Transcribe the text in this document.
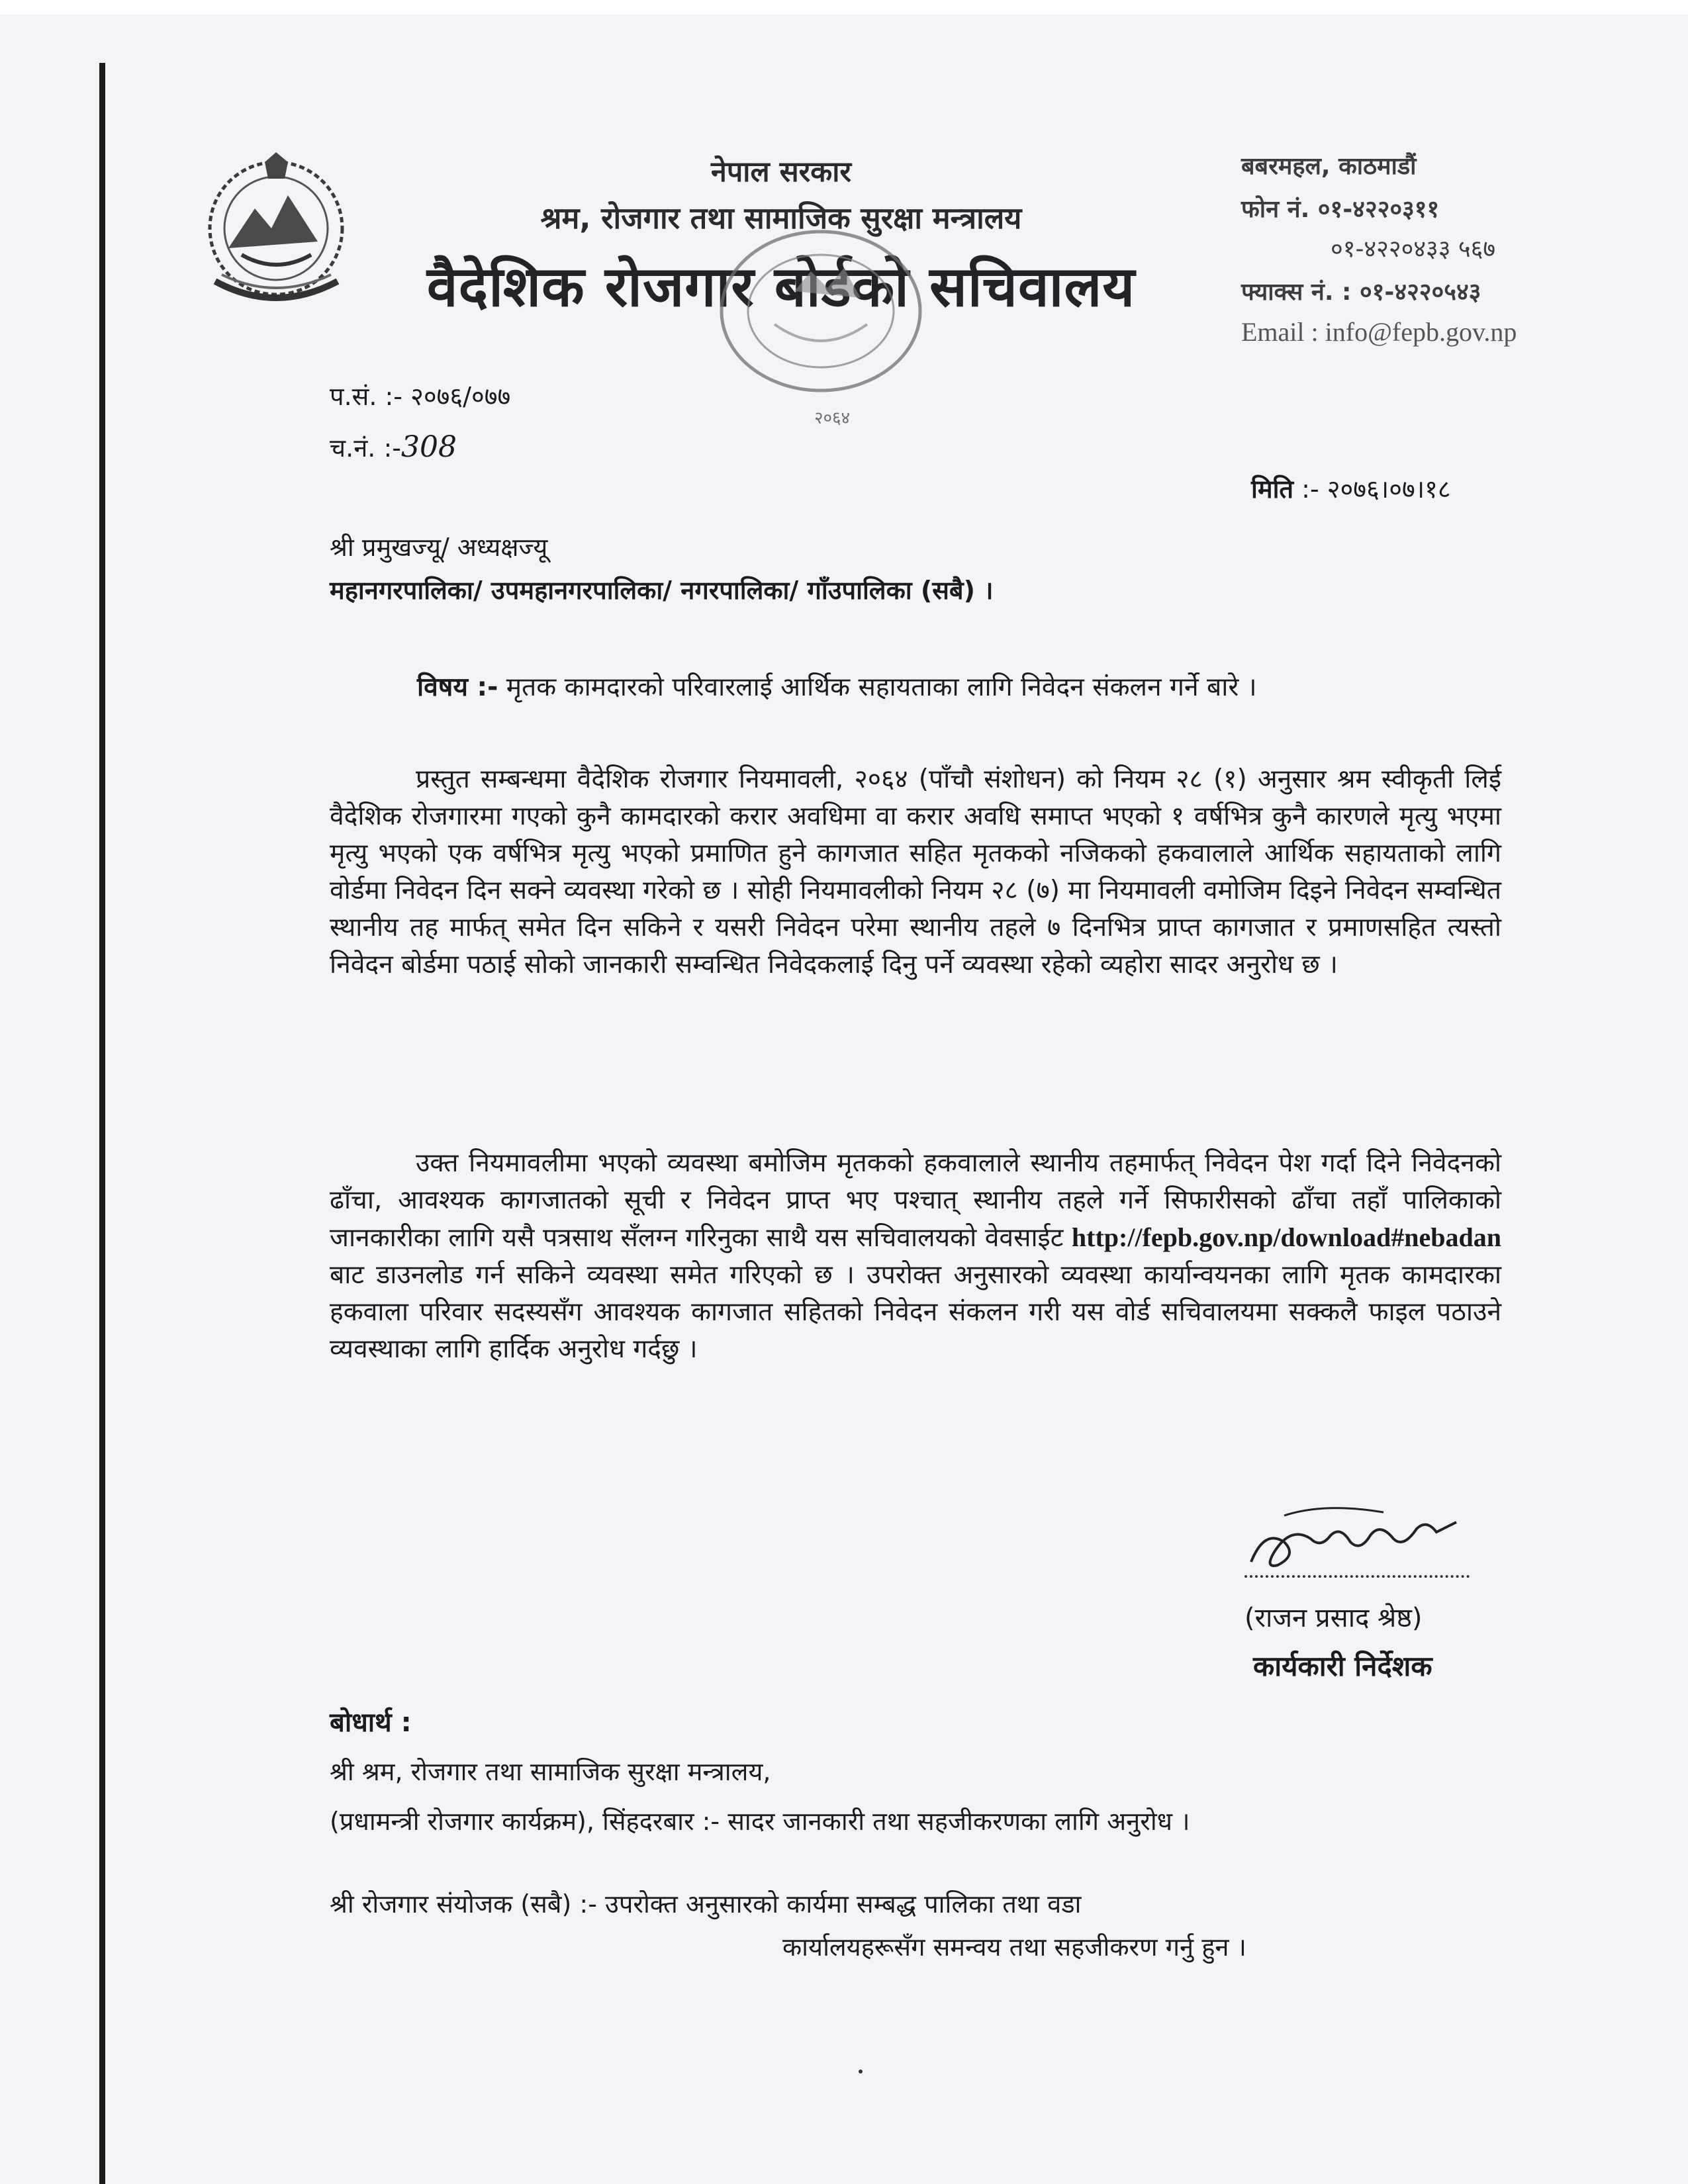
नेपाल सरकार
श्रम, रोजगार तथा सामाजिक सुरक्षा मन्त्रालय
वैदेशिक रोजगार बोर्डको सचिवालय
२०६४
बबरमहल, काठमाडौं
फोन नं. ०१-४२२०३११
०१-४२२०४३३ ५६७
फ्याक्स नं. : ०१-४२२०५४३
Email : info@fepb.gov.np
प.सं. :- २०७६/०७७
च.नं. :-308
मिति :- २०७६।०७।१८
श्री प्रमुखज्यू/ अध्यक्षज्यू
महानगरपालिका/ उपमहानगरपालिका/ नगरपालिका/ गाँउपालिका (सबै) ।
विषय :- मृतक कामदारको परिवारलाई आर्थिक सहायताका लागि निवेदन संकलन गर्ने बारे ।
प्रस्तुत सम्बन्धमा वैदेशिक रोजगार नियमावली, २०६४ (पाँचौ संशोधन) को नियम २८ (१) अनुसार श्रम स्वीकृती लिई वैदेशिक रोजगारमा गएको कुनै कामदारको करार अवधिमा वा करार अवधि समाप्त भएको १ वर्षभित्र कुनै कारणले मृत्यु भएमा मृत्यु भएको एक वर्षभित्र मृत्यु भएको प्रमाणित हुने कागजात सहित मृतकको नजिकको हकवालाले आर्थिक सहायताको लागि वोर्डमा निवेदन दिन सक्ने व्यवस्था गरेको छ । सोही नियमावलीको नियम २८ (७) मा नियमावली वमोजिम दिइने निवेदन सम्वन्धित स्थानीय तह मार्फत् समेत दिन सकिने र यसरी निवेदन परेमा स्थानीय तहले ७ दिनभित्र प्राप्त कागजात र प्रमाणसहित त्यस्तो निवेदन बोर्डमा पठाई सोको जानकारी सम्वन्धित निवेदकलाई दिनु पर्ने व्यवस्था रहेको व्यहोरा सादर अनुरोध छ ।
उक्त नियमावलीमा भएको व्यवस्था बमोजिम मृतकको हकवालाले स्थानीय तहमार्फत् निवेदन पेश गर्दा दिने निवेदनको ढाँचा, आवश्यक कागजातको सूची र निवेदन प्राप्त भए पश्चात् स्थानीय तहले गर्ने सिफारीसको ढाँचा तहाँ पालिकाको जानकारीका लागि यसै पत्रसाथ सँलग्न गरिनुका साथै यस सचिवालयको वेवसाईट http://fepb.gov.np/download#nebadan बाट डाउनलोड गर्न सकिने व्यवस्था समेत गरिएको छ । उपरोक्त अनुसारको व्यवस्था कार्यान्वयनका लागि मृतक कामदारका हकवाला परिवार सदस्यसँग आवश्यक कागजात सहितको निवेदन संकलन गरी यस वोर्ड सचिवालयमा सक्कलै फाइल पठाउने व्यवस्थाका लागि हार्दिक अनुरोध गर्दछु ।
(राजन प्रसाद श्रेष्ठ)
कार्यकारी निर्देशक
बोधार्थ :
श्री श्रम, रोजगार तथा सामाजिक सुरक्षा मन्त्रालय,
(प्रधामन्त्री रोजगार कार्यक्रम), सिंहदरबार :- सादर जानकारी तथा सहजीकरणका लागि अनुरोध ।
श्री रोजगार संयोजक (सबै) :- उपरोक्त अनुसारको कार्यमा सम्बद्ध पालिका तथा वडा
कार्यालयहरूसँग समन्वय तथा सहजीकरण गर्नु हुन ।
